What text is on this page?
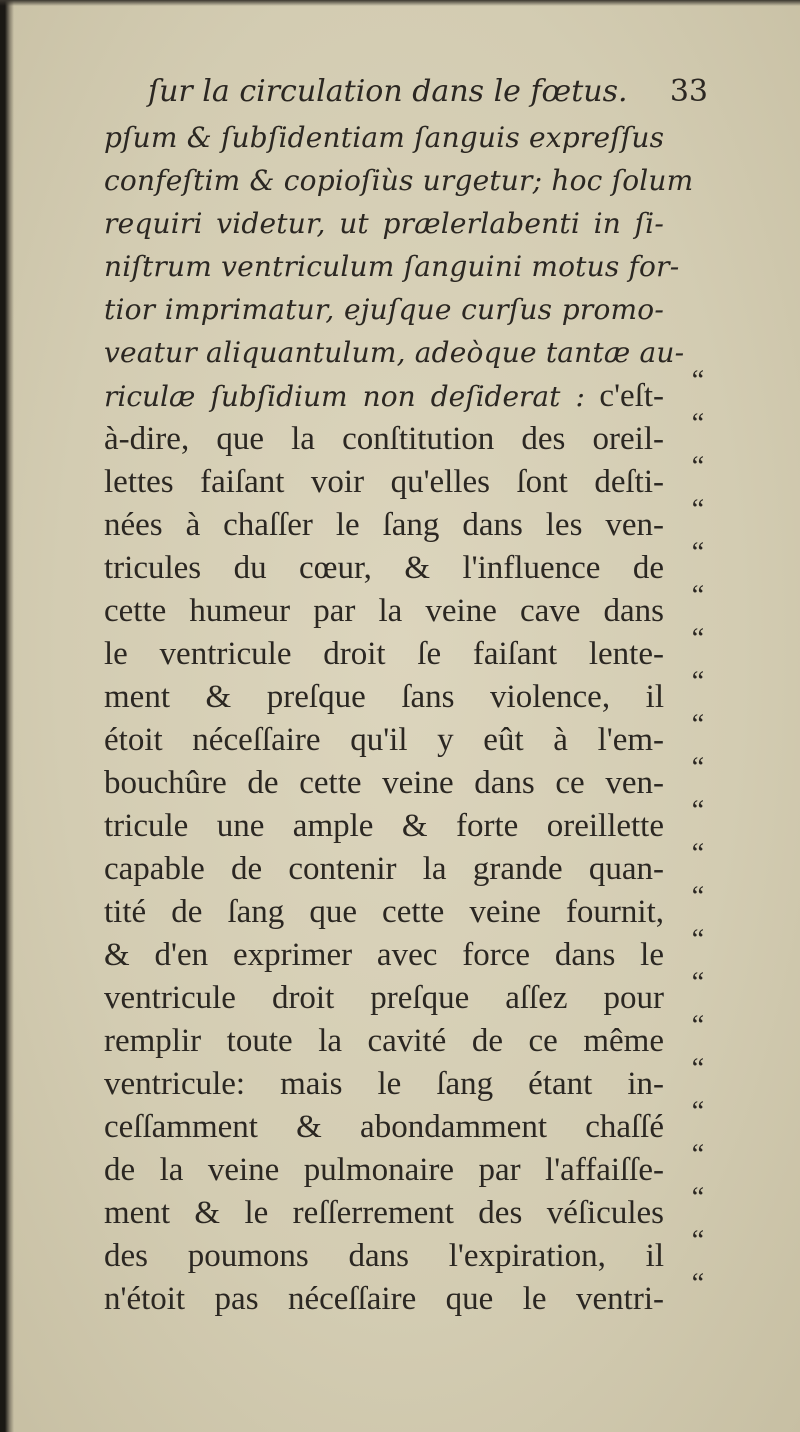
ſur la circulation dans le fœtus. 33
pſum & ſubſidentiam ſanguis expreſſus
confeſtim & copioſiùs urgetur; hoc ſolum
requiri videtur, ut prælerlabenti in ſi-
niſtrum ventriculum ſanguini motus for-
tior imprimatur, ejuſque curſus promo-
veatur aliquantulum, adeòque tantæ au-
riculæ ſubſidium non deſiderat : c'eſt-
à-dire, que la conſtitution des oreil-
lettes faiſant voir qu'elles ſont deſti-
nées à chaſſer le ſang dans les ven-
tricules du cœur, & l'influence de
cette humeur par la veine cave dans
le ventricule droit ſe faiſant lente-
ment & preſque ſans violence, il
étoit néceſſaire qu'il y eût à l'em-
bouchûre de cette veine dans ce ven-
tricule une ample & forte oreillette
capable de contenir la grande quan-
tité de ſang que cette veine fournit,
& d'en exprimer avec force dans le
ventricule droit preſque aſſez pour
remplir toute la cavité de ce même
ventricule: mais le ſang étant in-
ceſſamment & abondamment chaſſé
de la veine pulmonaire par l'affaiſſe-
ment & le reſſerrement des véſicules
des poumons dans l'expiration, il
n'étoit pas néceſſaire que le ventri-
“
“
“
“
“
“
“
“
“
“
“
“
“
“
“
“
“
“
“
“
“
“
